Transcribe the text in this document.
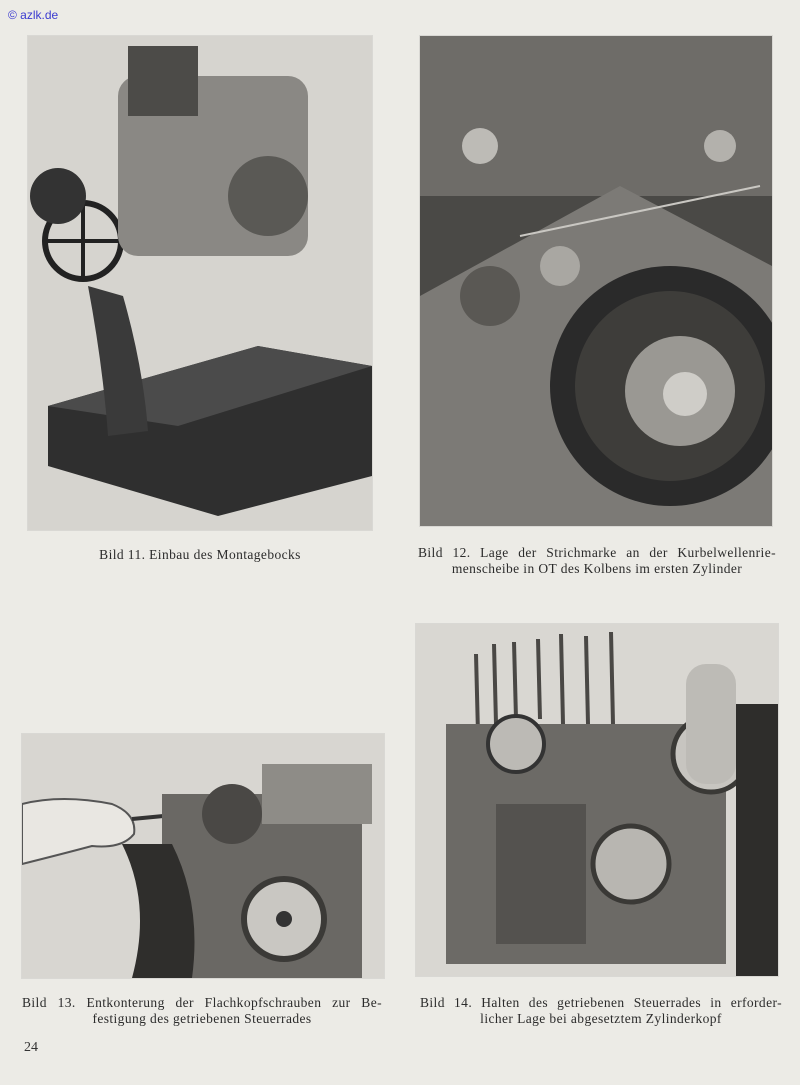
© azlk.de
Bild 11. Einbau des Montagebocks	Bild 12. Lage der Strichmarke an der Kurbelwellenrie-
menscheibe in OT des Kolbens im ersten Zylinder
Bild 13. Entkonterung der Flachkopfschrauben zur Be-
festigung des getriebenen Steuerrades
Bild 14. Halten des getriebenen Steuerrades in erforder-
licher Lage bei abgesetztem Zylinderkopf
24
